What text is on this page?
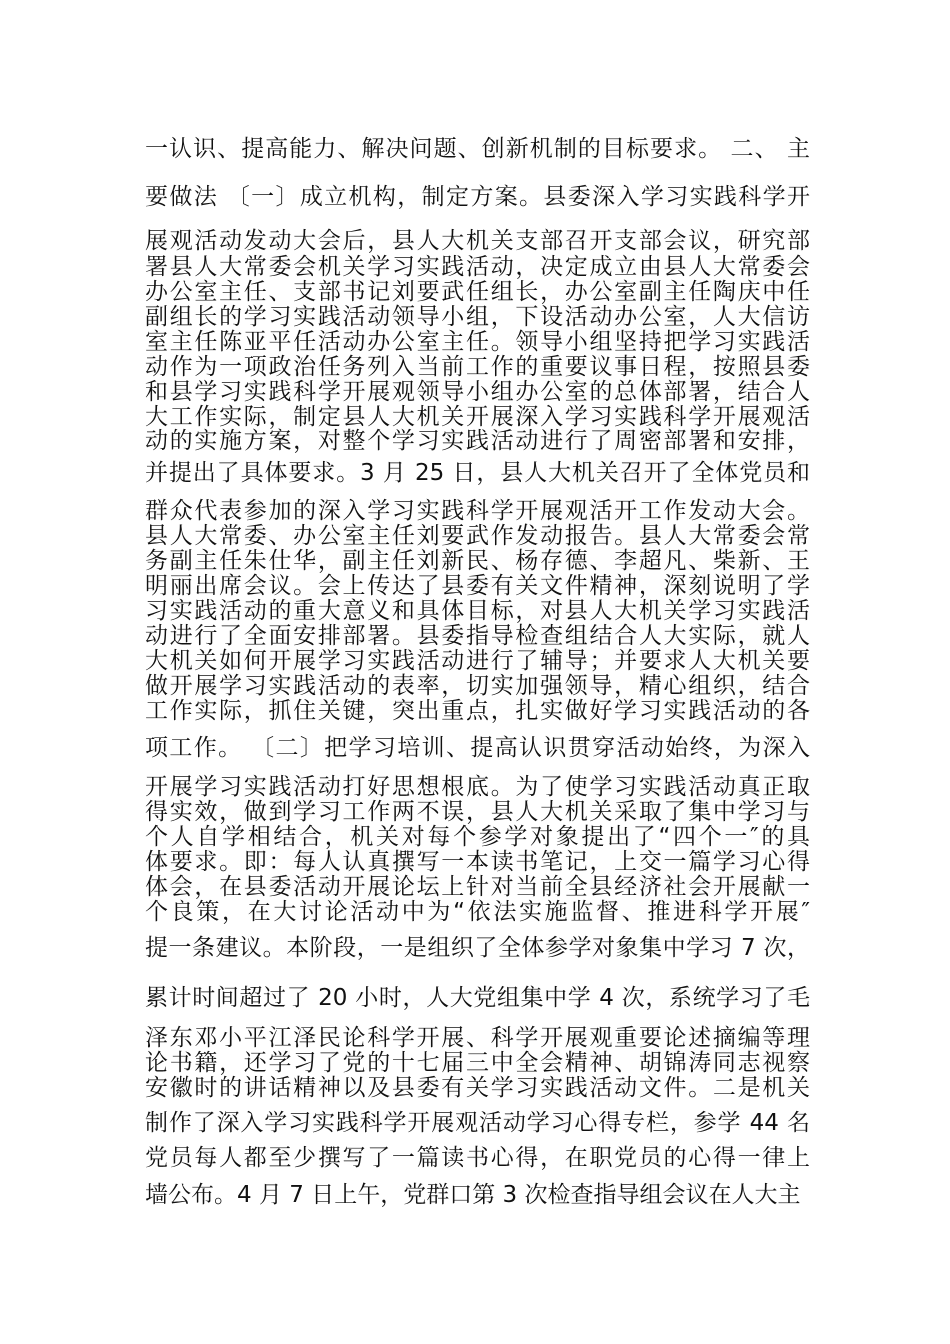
一认识、提高能力、解决问题、创新机制的目标要求。 二、 主
要做法 〔一〕成立机构，制定方案。县委深入学习实践科学开
展观活动发动大会后，县人大机关支部召开支部会议，研究部
署县人大常委会机关学习实践活动，决定成立由县人大常委会
办公室主任、支部书记刘要武任组长，办公室副主任陶庆中任
副组长的学习实践活动领导小组，下设活动办公室，人大信访
室主任陈亚平任活动办公室主任。领导小组坚持把学习实践活
动作为一项政治任务列入当前工作的重要议事日程，按照县委
和县学习实践科学开展观领导小组办公室的总体部署，结合人
大工作实际，制定县人大机关开展深入学习实践科学开展观活
动的实施方案，对整个学习实践活动进行了周密部署和安排，
并提出了具体要求。3 月 25 日，县人大机关召开了全体党员和
群众代表参加的深入学习实践科学开展观活开工作发动大会。
县人大常委、办公室主任刘要武作发动报告。县人大常委会常
务副主任朱仕华，副主任刘新民、杨存德、李超凡、柴新、王
明丽出席会议。会上传达了县委有关文件精神，深刻说明了学
习实践活动的重大意义和具体目标，对县人大机关学习实践活
动进行了全面安排部署。县委指导检查组结合人大实际，就人
大机关如何开展学习实践活动进行了辅导；并要求人大机关要
做开展学习实践活动的表率，切实加强领导，精心组织，结合
工作实际，抓住关键，突出重点，扎实做好学习实践活动的各
项工作。 〔二〕把学习培训、提高认识贯穿活动始终，为深入
开展学习实践活动打好思想根底。为了使学习实践活动真正取
得实效，做到学习工作两不误，县人大机关采取了集中学习与
个人自学相结合，机关对每个参学对象提出了“四个一″的具
体要求。即：每人认真撰写一本读书笔记，上交一篇学习心得
体会，在县委活动开展论坛上针对当前全县经济社会开展献一
个良策，在大讨论活动中为“依法实施监督、推进科学开展″
提一条建议。本阶段，一是组织了全体参学对象集中学习 7 次，
累计时间超过了 20 小时，人大党组集中学 4 次，系统学习了毛
泽东邓小平江泽民论科学开展、科学开展观重要论述摘编等理
论书籍，还学习了党的十七届三中全会精神、胡锦涛同志视察
安徽时的讲话精神以及县委有关学习实践活动文件。二是机关
制作了深入学习实践科学开展观活动学习心得专栏，参学 44 名
党员每人都至少撰写了一篇读书心得，在职党员的心得一律上
墙公布。4 月 7 日上午，党群口第 3 次检查指导组会议在人大主
